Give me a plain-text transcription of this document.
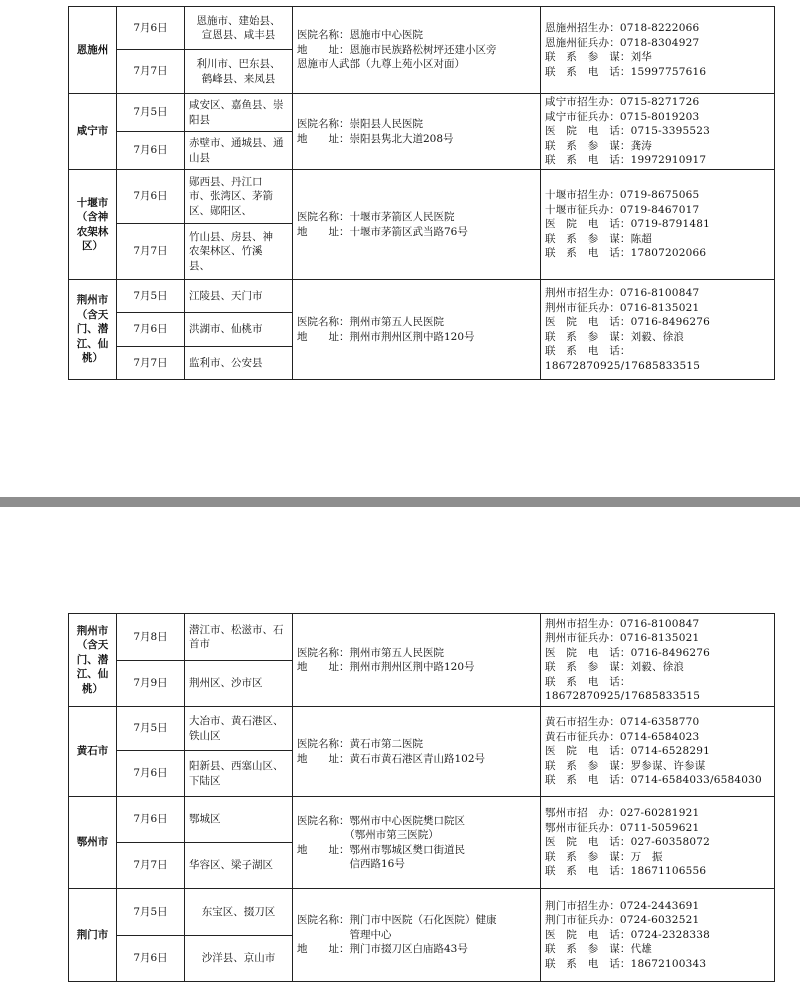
恩施州	7月6日	恩施市、建始县、
宣恩县、咸丰县	医院名称：恩施市中心医院
地　　址：恩施市民族路松树坪还建小区旁
恩施市人武部（九尊上苑小区对面）	恩施州招生办：0718-8222066
恩施州征兵办：0718-8304927
联　系　参　谋：刘华
联　系　电　话：15997757616
	7月7日	利川市、巴东县、
鹤峰县、来凤县		

咸宁市	7月5日	咸安区、嘉鱼县、崇
阳县	医院名称：崇阳县人民医院
地　　址：崇阳县隽北大道208号	咸宁市招生办：0715-8271726
咸宁市征兵办：0715-8019203
医　院　电　话：0715-3395523
联　系　参　谋：龚涛
联　系　电　话：19972910917
	7月6日	赤壁市、通城县、通
山县		

十堰市
（含神
农架林
区）	7月6日	郧西县、丹江口
市、张湾区、茅箭
区、郧阳区、	医院名称：十堰市茅箭区人民医院
地　　址：十堰市茅箭区武当路76号	十堰市招生办：0719-8675065
十堰市征兵办：0719-8467017
医　院　电　话：0719-8791481
联　系　参　谋：陈超
联　系　电　话：17807202066
	7月7日	竹山县、房县、神
农架林区、竹溪
县、		

荆州市
（含天
门、潜
江、仙
桃）	7月5日	江陵县、天门市	医院名称：荆州市第五人民医院
地　　址：荆州市荆州区荆中路120号	荆州市招生办：0716-8100847
荆州市征兵办：0716-8135021
医　院　电　话：0716-8496276
联　系　参　谋：刘毅、徐浪
联　系　电　话：18672870925/17685833515
	7月6日	洪湖市、仙桃市		
	7月7日	监利市、公安县		
荆州市
（含天
门、潜
江、仙
桃）	7月8日	潜江市、松滋市、石
首市	医院名称：荆州市第五人民医院
地　　址：荆州市荆州区荆中路120号	荆州市招生办：0716-8100847
荆州市征兵办：0716-8135021
医　院　电　话：0716-8496276
联　系　参　谋：刘毅、徐浪
联　系　电　话：18672870925/17685833515
	7月9日	荆州区、沙市区		

黄石市	7月5日	大冶市、黄石港区、
铁山区	医院名称：黄石市第二医院
地　　址：黄石市黄石港区青山路102号	黄石市招生办：0714-6358770
黄石市征兵办：0714-6584023
医　院　电　话：0714-6528291
联　系　参　谋：罗参谋、许参谋
联　系　电　话：0714-6584033/6584030
	7月6日	阳新县、西塞山区、
下陆区		

鄂州市	7月6日	鄂城区	医院名称：鄂州市中心医院樊口院区
　　　　　（鄂州市第三医院）
地　　址：鄂州市鄂城区樊口街道民
　　　　　信西路16号	鄂州市招　办：027-60281921
鄂州市征兵办：0711-5059621
医　院　电　话：027-60358072
联　系　参　谋：万　振
联　系　电　话：18671106556
	7月7日	华容区、梁子湖区		

荆门市	7月5日	东宝区、掇刀区	医院名称：荆门市中医院（石化医院）健康
　　　　　管理中心
地　　址：荆门市掇刀区白庙路43号	荆门市招生办：0724-2443691
荆门市征兵办：0724-6032521
医　院　电　话：0724-2328338
联　系　参　谋：代雄
联　系　电　话：18672100343
	7月6日	沙洋县、京山市		
